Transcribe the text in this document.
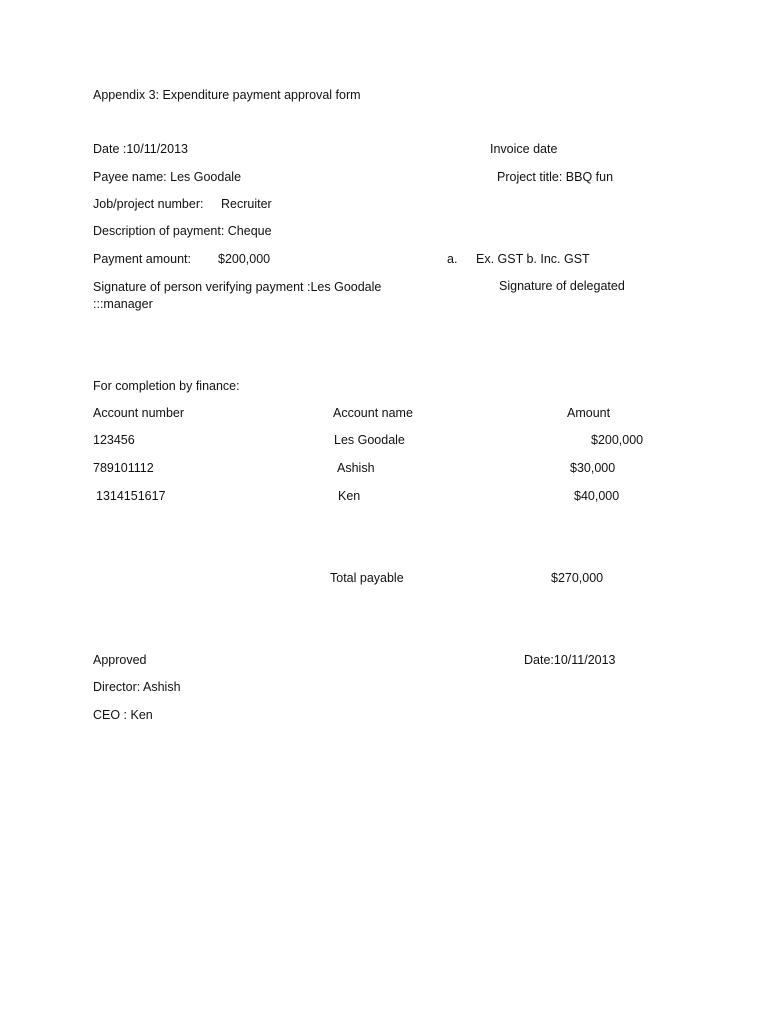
Appendix 3: Expenditure payment approval form
Date :10/11/2013	Invoice date
Payee name: Les Goodale	Project title: BBQ fun
Job/project number: Recruiter
Description of payment: Cheque
Payment amount: $200,000	a. Ex. GST b. Inc. GST
Signature of person verifying payment :Les Goodale
:::manager
Signature of delegated
For completion by finance:
Account number	Account name	Amount
123456	Les Goodale	$200,000
789101112	Ashish	$30,000
1314151617	Ken	$40,000
Total payable	$270,000
Approved	Date:10/11/2013
Director: Ashish
CEO : Ken
